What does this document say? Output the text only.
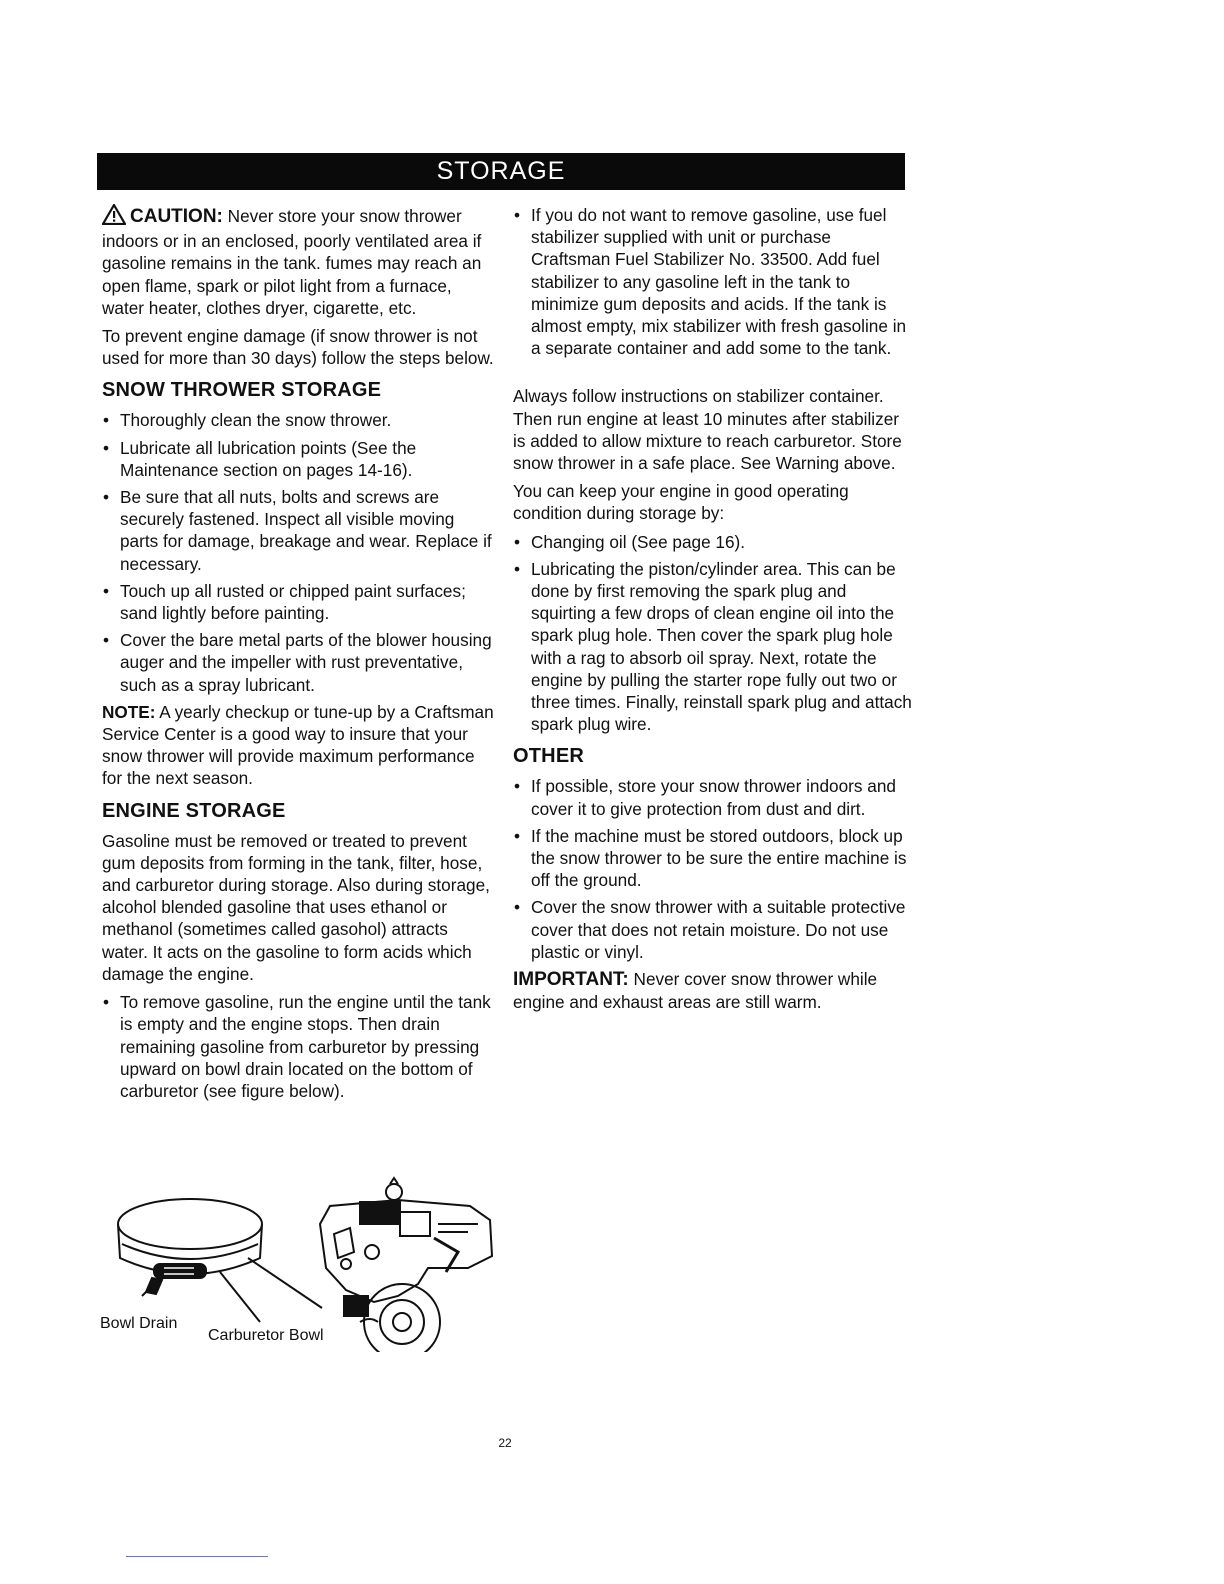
STORAGE

CAUTION: Never store your snow thrower indoors or in an enclosed, poorly ventilated area if gasoline remains in the tank. fumes may reach an open flame, spark or pilot light from a furnace, water heater, clothes dryer, cigarette, etc.

To prevent engine damage (if snow thrower is not used for more than 30 days) follow the steps below.

SNOW THROWER STORAGE
• Thoroughly clean the snow thrower.
• Lubricate all lubrication points (See the Maintenance section on pages 14-16).
• Be sure that all nuts, bolts and screws are securely fastened. Inspect all visible moving parts for damage, breakage and wear. Replace if necessary.
• Touch up all rusted or chipped paint surfaces; sand lightly before painting.
• Cover the bare metal parts of the blower housing auger and the impeller with rust preventative, such as a spray lubricant.

NOTE: A yearly checkup or tune-up by a Craftsman Service Center is a good way to insure that your snow thrower will provide maximum performance for the next season.

ENGINE STORAGE

Gasoline must be removed or treated to prevent gum deposits from forming in the tank, filter, hose, and carburetor during storage. Also during storage, alcohol blended gasoline that uses ethanol or methanol (sometimes called gasohol) attracts water. It acts on the gasoline to form acids which damage the engine.

• To remove gasoline, run the engine until the tank is empty and the engine stops. Then drain remaining gasoline from carburetor by pressing upward on bowl drain located on the bottom of carburetor (see figure below).
• If you do not want to remove gasoline, use fuel stabilizer supplied with unit or purchase Craftsman Fuel Stabilizer No. 33500. Add fuel stabilizer to any gasoline left in the tank to minimize gum deposits and acids. If the tank is almost empty, mix stabilizer with fresh gasoline in a separate container and add some to the tank.

Always follow instructions on stabilizer container. Then run engine at least 10 minutes after stabilizer is added to allow mixture to reach carburetor. Store snow thrower in a safe place. See Warning above.

You can keep your engine in good operating condition during storage by:

• Changing oil (See page 16).
• Lubricating the piston/cylinder area. This can be done by first removing the spark plug and squirting a few drops of clean engine oil into the spark plug hole. Then cover the spark plug hole with a rag to absorb oil spray. Next, rotate the engine by pulling the starter rope fully out two or three times. Finally, reinstall spark plug and attach spark plug wire.
OTHER
• If possible, store your snow thrower indoors and cover it to give protection from dust and dirt.
• If the machine must be stored outdoors, block up the snow thrower to be sure the entire machine is off the ground.
• Cover the snow thrower with a suitable protective cover that does not retain moisture. Do not use plastic or vinyl.

IMPORTANT: Never cover snow thrower while engine and exhaust areas are still warm.

Bowl Drain
Carburetor Bowl
22
